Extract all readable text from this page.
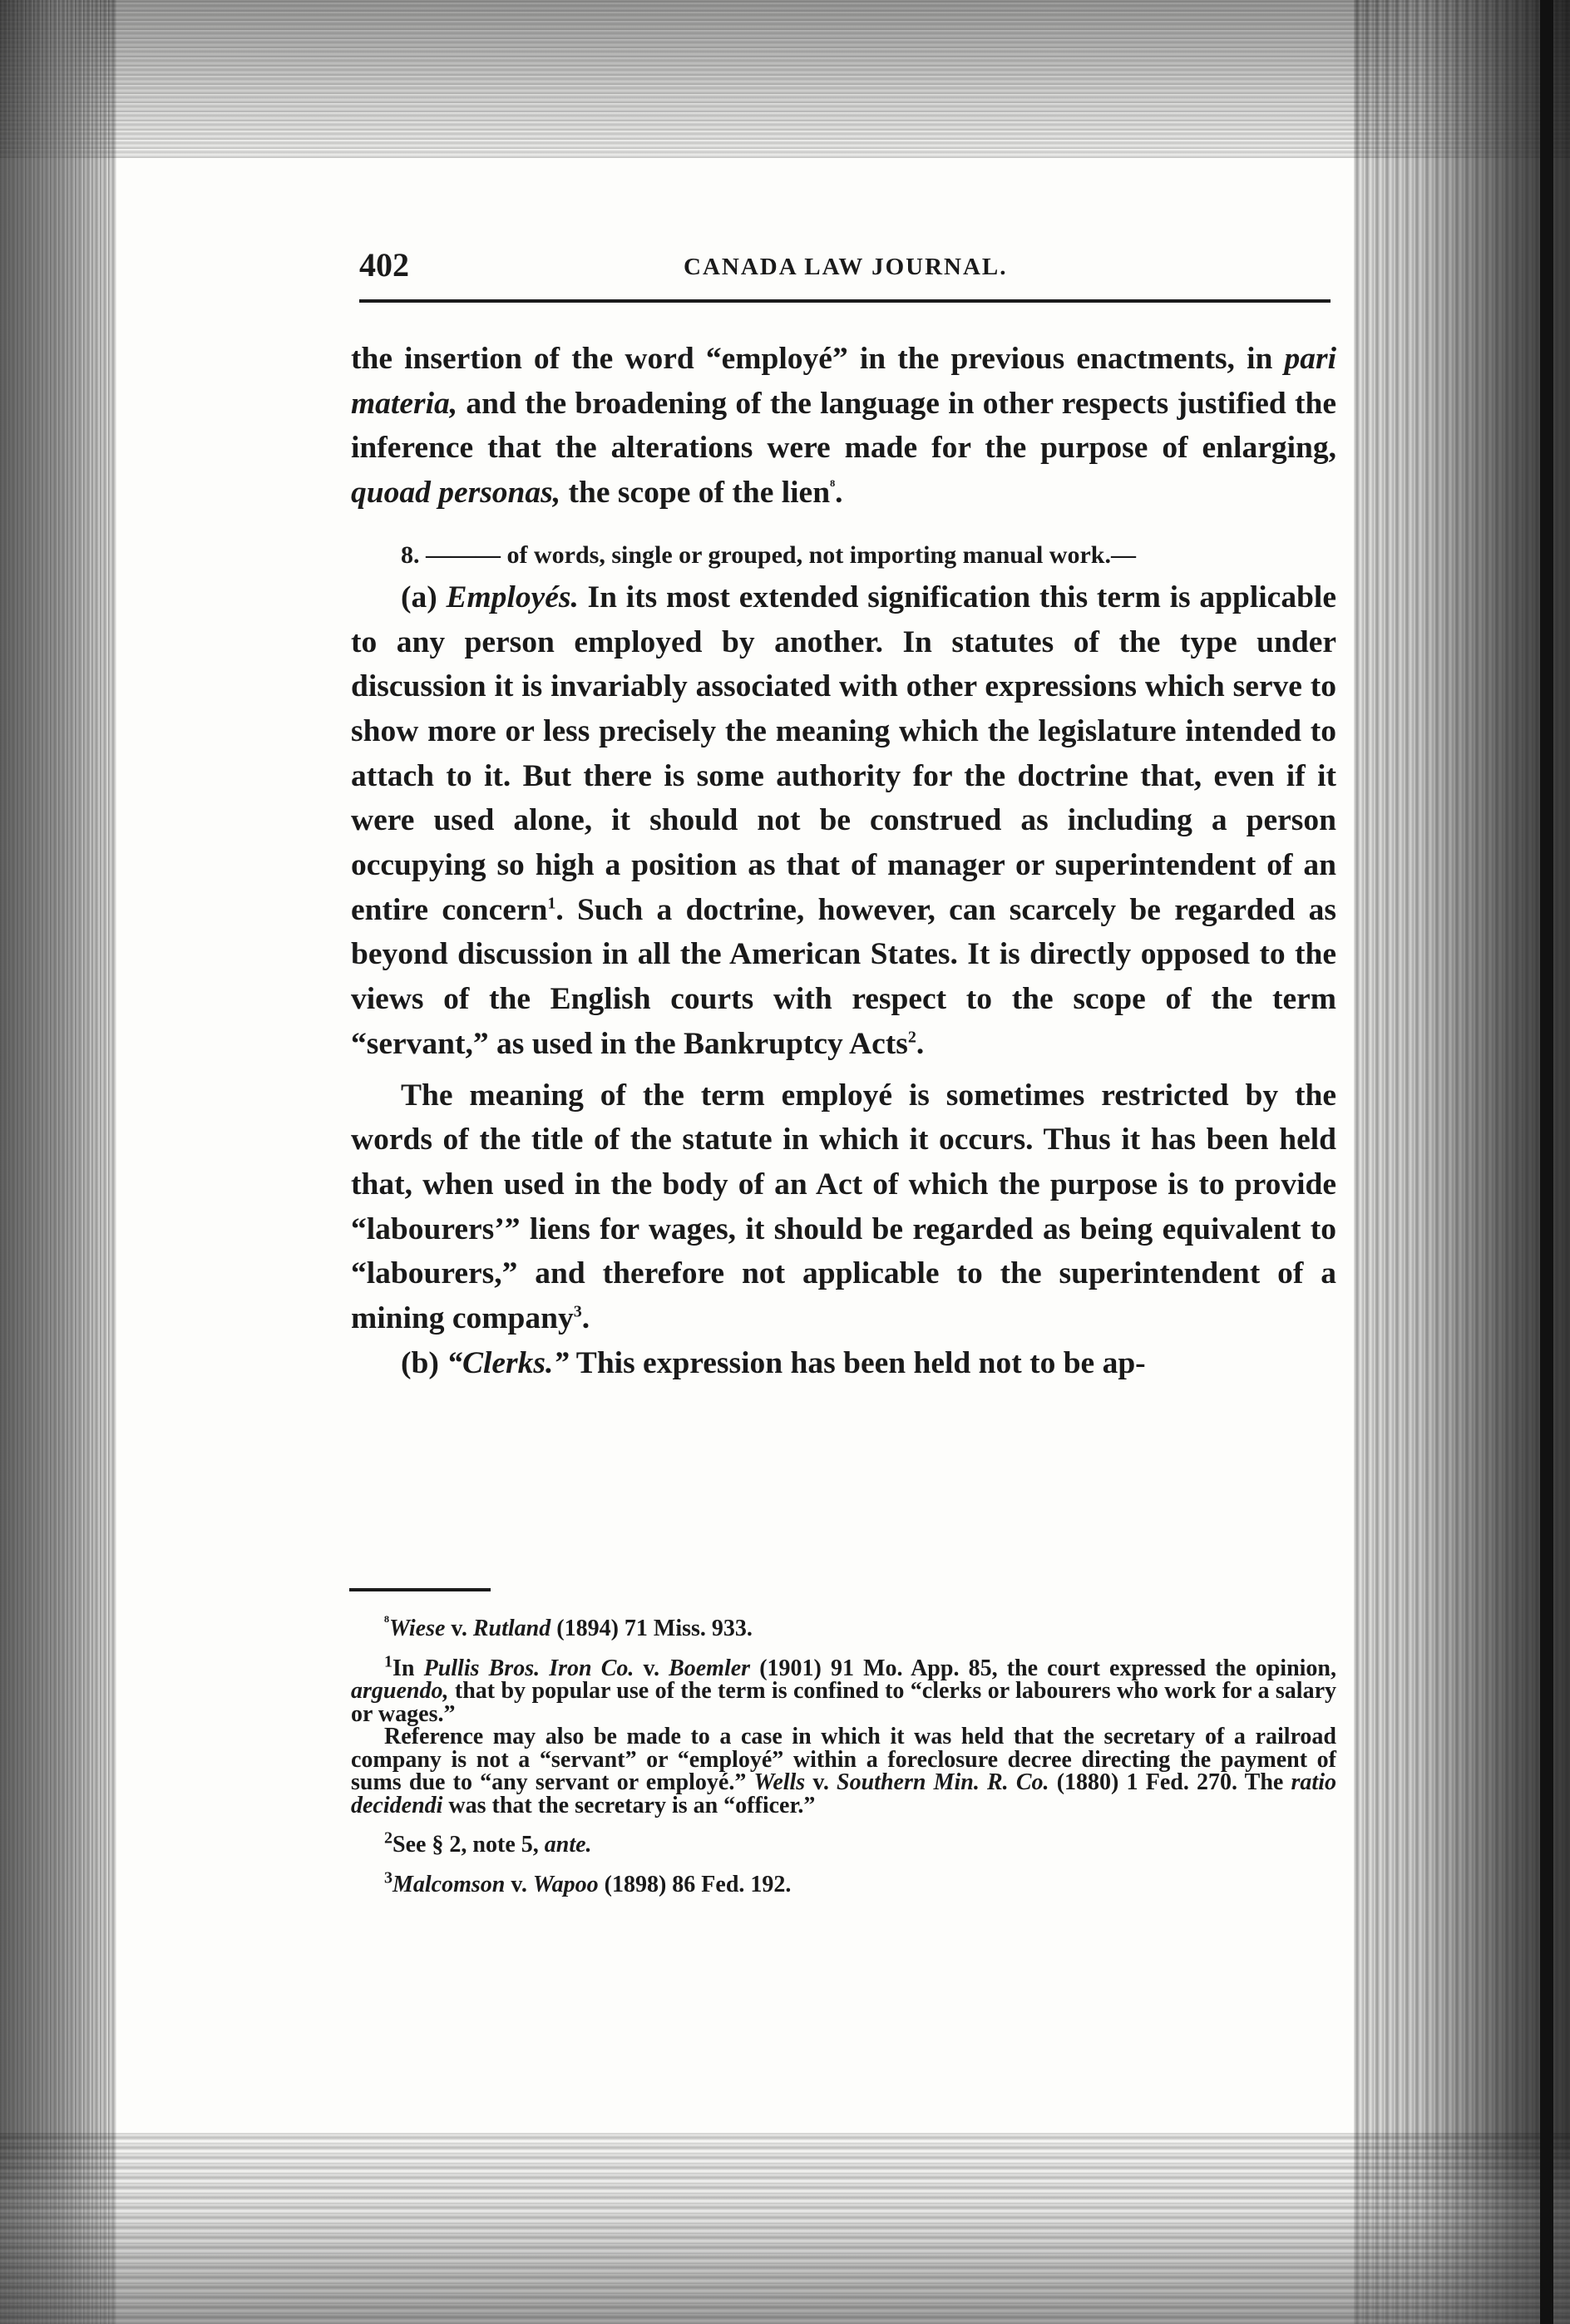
402	CANADA LAW JOURNAL.

the insertion of the word “employé” in the previous enactments, in pari materia, and the broadening of the language in other respects justified the inference that the alterations were made for the purpose of enlarging, quoad personas, the scope of the lien$^{^8}$.

8. ——— of words, single or grouped, not importing manual work.—

(a) Employés. In its most extended signification this term is applicable to any person employed by another. In statutes of the type under discussion it is invariably associated with other expressions which serve to show more or less precisely the meaning which the legislature intended to attach to it. But there is some authority for the doctrine that, even if it were used alone, it should not be construed as including a person occupying so high a position as that of manager or superintendent of an entire concern$^1$. Such a doctrine, however, can scarcely be regarded as beyond discussion in all the American States. It is directly opposed to the views of the English courts with respect to the scope of the term “servant,” as used in the Bankruptcy Acts$^2$.

The meaning of the term employé is sometimes restricted by the words of the title of the statute in which it occurs. Thus it has been held that, when used in the body of an Act of which the purpose is to provide “labourers’” liens for wages, it should be regarded as being equivalent to “labourers,” and therefore not applicable to the superintendent of a mining company$^3$.

(b) “Clerks.” This expression has been held not to be ap-

$^{^8}$Wiese v. Rutland (1894) 71 Miss. 933.

$^1$In Pullis Bros. Iron Co. v. Boemler (1901) 91 Mo. App. 85, the court expressed the opinion, arguendo, that by popular use of the term is confined to “clerks or labourers who work for a salary or wages.”

Reference may also be made to a case in which it was held that the secretary of a railroad company is not a “servant” or “employé” within a foreclosure decree directing the payment of sums due to “any servant or employé.” Wells v. Southern Min. R. Co. (1880) 1 Fed. 270. The ratio decidendi was that the secretary is an “officer.”

$^2$See § 2, note 5, ante.

$^3$Malcomson v. Wapoo (1898) 86 Fed. 192.
